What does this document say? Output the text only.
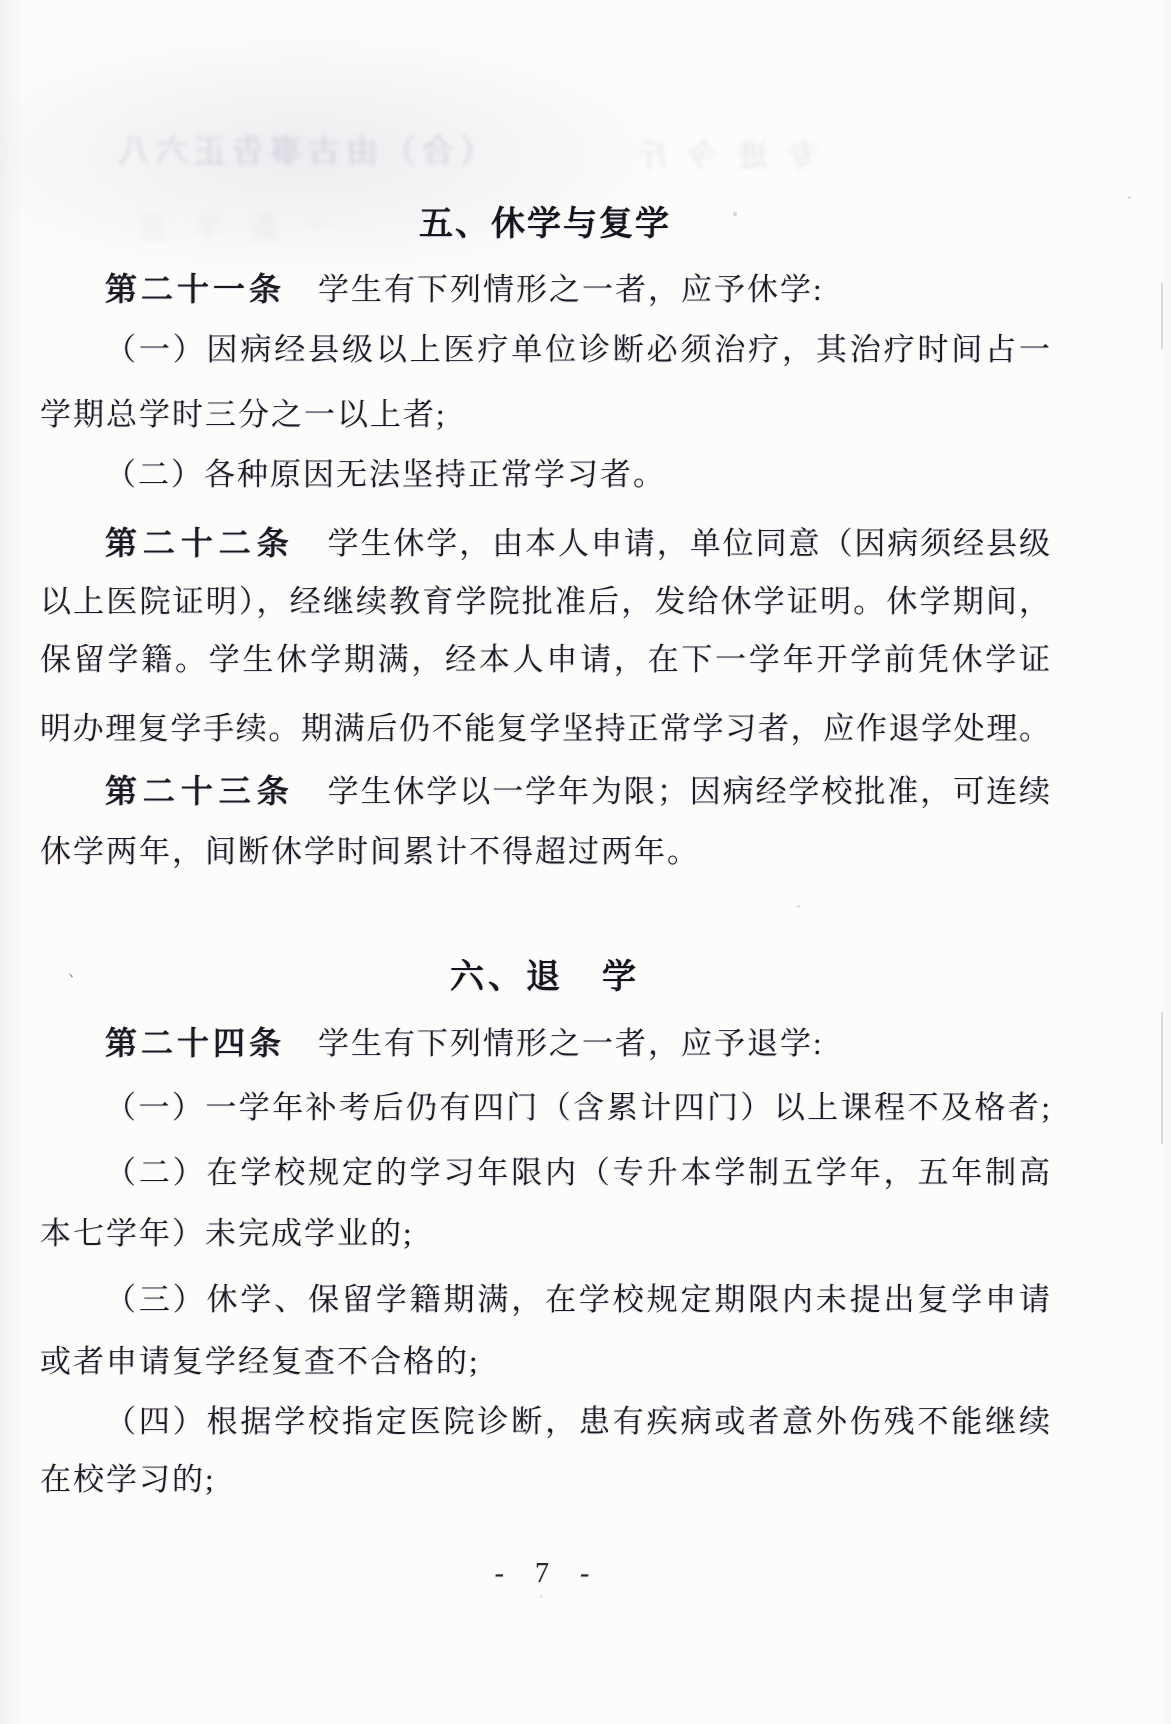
（合）由古事告正六八	专进今斤
一条半言	五、休学与复学
第二十一条　学生有下列情形之一者，应予休学:
（一）因病经县级以上医疗单位诊断必须治疗，其治疗时间占一
学期总学时三分之一以上者;
（二）各种原因无法坚持正常学习者。
第二十二条　学生休学，由本人申请，单位同意（因病须经县级
以上医院证明），经继续教育学院批准后，发给休学证明。休学期间，
保留学籍。学生休学期满，经本人申请，在下一学年开学前凭休学证
明办理复学手续。期满后仍不能复学坚持正常学习者，应作退学处理。
第二十三条　学生休学以一学年为限；因病经学校批准，可连续
休学两年，间断休学时间累计不得超过两年。
第二十四条　学生有下列情形之一者，应予退学:
（一）一学年补考后仍有四门（含累计四门）以上课程不及格者;
（二）在学校规定的学习年限内（专升本学制五学年，五年制高
本七学年）未完成学业的;
（三）休学、保留学籍期满，在学校规定期限内未提出复学申请
或者申请复学经复查不合格的;
（四）根据学校指定医院诊断，患有疾病或者意外伤残不能继续
在校学习的;
六、退　学
、
- 7 -
